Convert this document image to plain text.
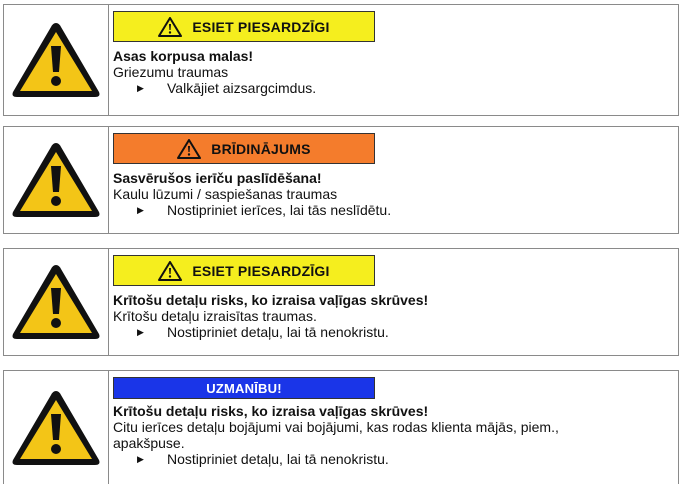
ESIET PIESARDZĪGI
Asas korpusa malas!
Griezumu traumas
▶	Valkājiet aizsargcimdus.
BRĪDINĀJUMS
Sasvērušos ierīču paslīdēšana!
Kaulu lūzumi / saspiešanas traumas
▶	Nostipriniet ierīces, lai tās neslīdētu.
ESIET PIESARDZĪGI
Krītošu detaļu risks, ko izraisa vaļīgas skrūves!
Krītošu detaļu izraisītas traumas.
▶	Nostipriniet detaļu, lai tā nenokristu.
UZMANĪBU!
Krītošu detaļu risks, ko izraisa vaļīgas skrūves!
Citu ierīces detaļu bojājumi vai bojājumi, kas rodas klienta mājās, piem.,
apakšpuse.
▶	Nostipriniet detaļu, lai tā nenokristu.
